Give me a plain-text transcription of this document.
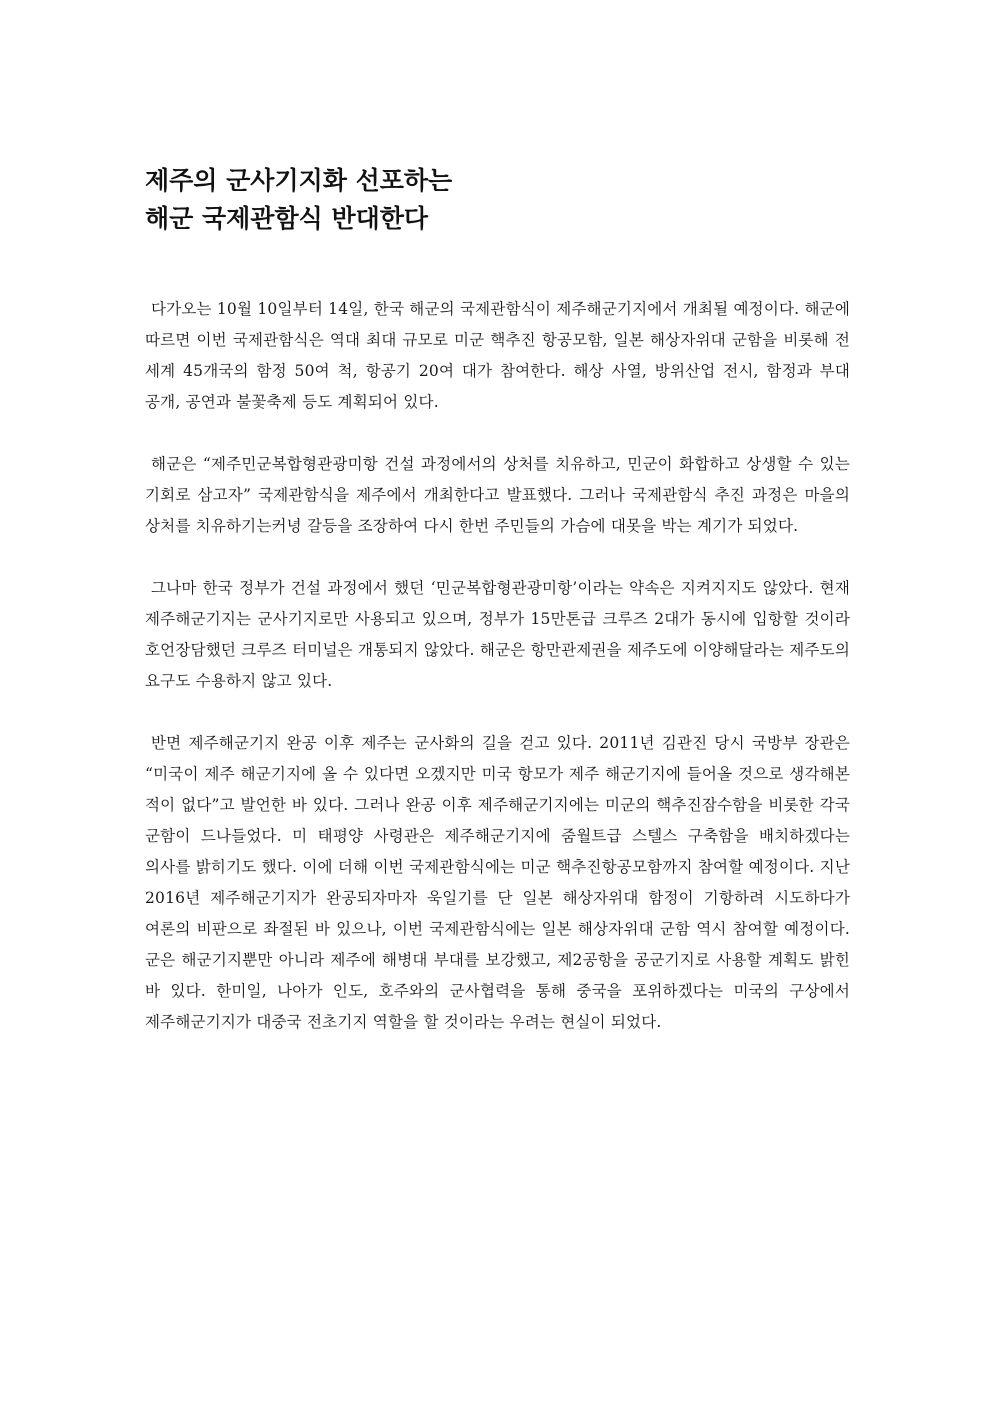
제주의 군사기지화 선포하는
해군 국제관함식 반대한다

다가오는 10월 10일부터 14일, 한국 해군의 국제관함식이 제주해군기지에서 개최될 예정이다. 해군에 따르면 이번 국제관함식은 역대 최대 규모로 미군 핵추진 항공모함, 일본 해상자위대 군함을 비롯해 전 세계 45개국의 함정 50여 척, 항공기 20여 대가 참여한다. 해상 사열, 방위산업 전시, 함정과 부대 공개, 공연과 불꽃축제 등도 계획되어 있다.

해군은 “제주민군복합형관광미항 건설 과정에서의 상처를 치유하고, 민군이 화합하고 상생할 수 있는 기회로 삼고자” 국제관함식을 제주에서 개최한다고 발표했다. 그러나 국제관함식 추진 과정은 마을의 상처를 치유하기는커녕 갈등을 조장하여 다시 한번 주민들의 가슴에 대못을 박는 계기가 되었다.

그나마 한국 정부가 건설 과정에서 했던 ‘민군복합형관광미항’이라는 약속은 지켜지지도 않았다. 현재 제주해군기지는 군사기지로만 사용되고 있으며, 정부가 15만톤급 크루즈 2대가 동시에 입항할 것이라 호언장담했던 크루즈 터미널은 개통되지 않았다. 해군은 항만관제권을 제주도에 이양해달라는 제주도의 요구도 수용하지 않고 있다.

반면 제주해군기지 완공 이후 제주는 군사화의 길을 걷고 있다. 2011년 김관진 당시 국방부 장관은 “미국이 제주 해군기지에 올 수 있다면 오겠지만 미국 항모가 제주 해군기지에 들어올 것으로 생각해본 적이 없다”고 발언한 바 있다. 그러나 완공 이후 제주해군기지에는 미군의 핵추진잠수함을 비롯한 각국 군함이 드나들었다. 미 태평양 사령관은 제주해군기지에 줌월트급 스텔스 구축함을 배치하겠다는 의사를 밝히기도 했다. 이에 더해 이번 국제관함식에는 미군 핵추진항공모함까지 참여할 예정이다. 지난 2016년 제주해군기지가 완공되자마자 욱일기를 단 일본 해상자위대 함정이 기항하려 시도하다가 여론의 비판으로 좌절된 바 있으나, 이번 국제관함식에는 일본 해상자위대 군함 역시 참여할 예정이다. 군은 해군기지뿐만 아니라 제주에 해병대 부대를 보강했고, 제2공항을 공군기지로 사용할 계획도 밝힌 바 있다. 한미일, 나아가 인도, 호주와의 군사협력을 통해 중국을 포위하겠다는 미국의 구상에서 제주해군기지가 대중국 전초기지 역할을 할 것이라는 우려는 현실이 되었다.
